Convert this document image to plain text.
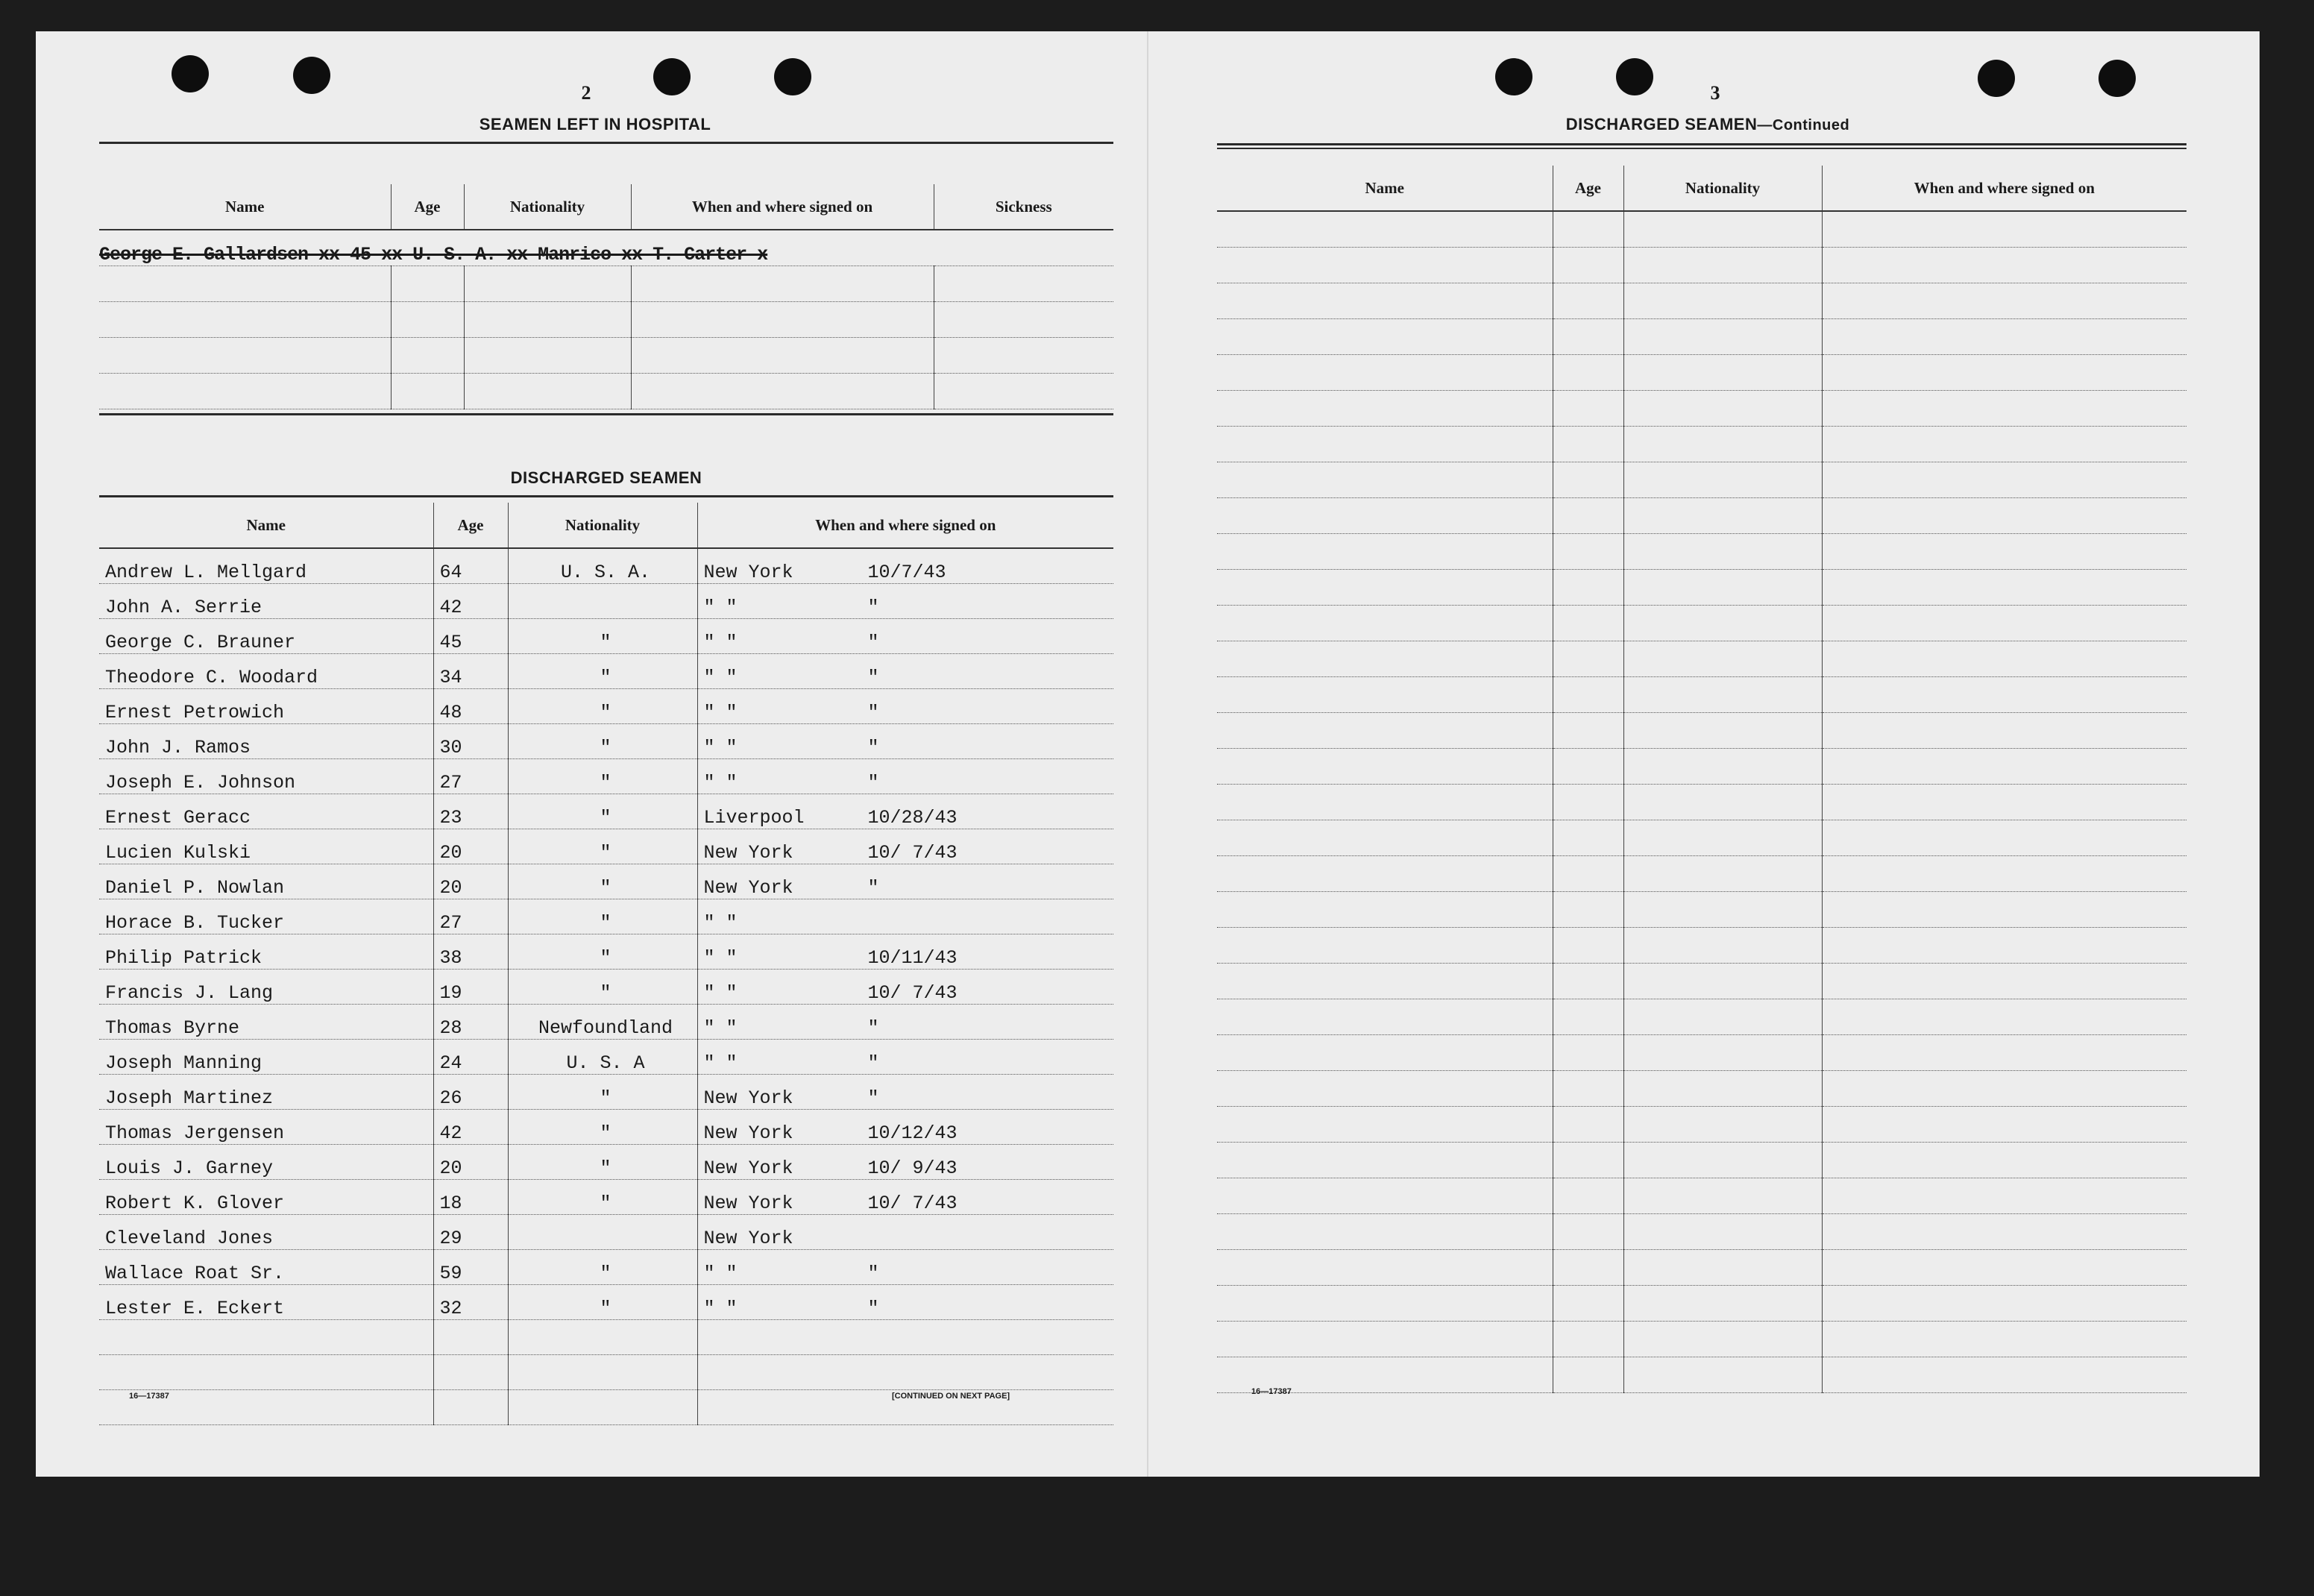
2
SEAMEN LEFT IN HOSPITAL
Name	Age	Nationality	When and where signed on	Sickness
George E. Gallardsen xx 45 xx U. S. A. xx Manrico xx T. Carter x				

DISCHARGED SEAMEN
Name	Age	Nationality	When and where signed on
Andrew L. Mellgard	64	U. S. A.	New York 10/7/43
John A. Serrie	42		" " "
George C. Brauner	45	"	" " "
Theodore C. Woodard	34	"	" " "
Ernest Petrowich	48	"	" " "
John J. Ramos	30	"	" " "
Joseph E. Johnson	27	"	" " "
Ernest Geracc	23	"	Liverpool 10/28/43
Lucien Kulski	20	"	New York 10/ 7/43
Daniel P. Nowlan	20	"	New York "
Horace B. Tucker	27	"	" "
Philip Patrick	38	"	" " 10/11/43
Francis J. Lang	19	"	" " 10/ 7/43
Thomas Byrne	28	Newfoundland	" " "
Joseph Manning	24	U. S. A	" " "
Joseph Martinez	26	"	New York "
Thomas Jergensen	42	"	New York 10/12/43
Louis J. Garney	20	"	New York 10/ 9/43
Robert K. Glover	18	"	New York 10/ 7/43
Cleveland Jones	29		New York
Wallace Roat Sr.	59	"	" " "
Lester E. Eckert	32	"	" " "

16—17387	[CONTINUED ON NEXT PAGE]
3
DISCHARGED SEAMEN—Continued
Name	Age	Nationality	When and where signed on

16—17387
